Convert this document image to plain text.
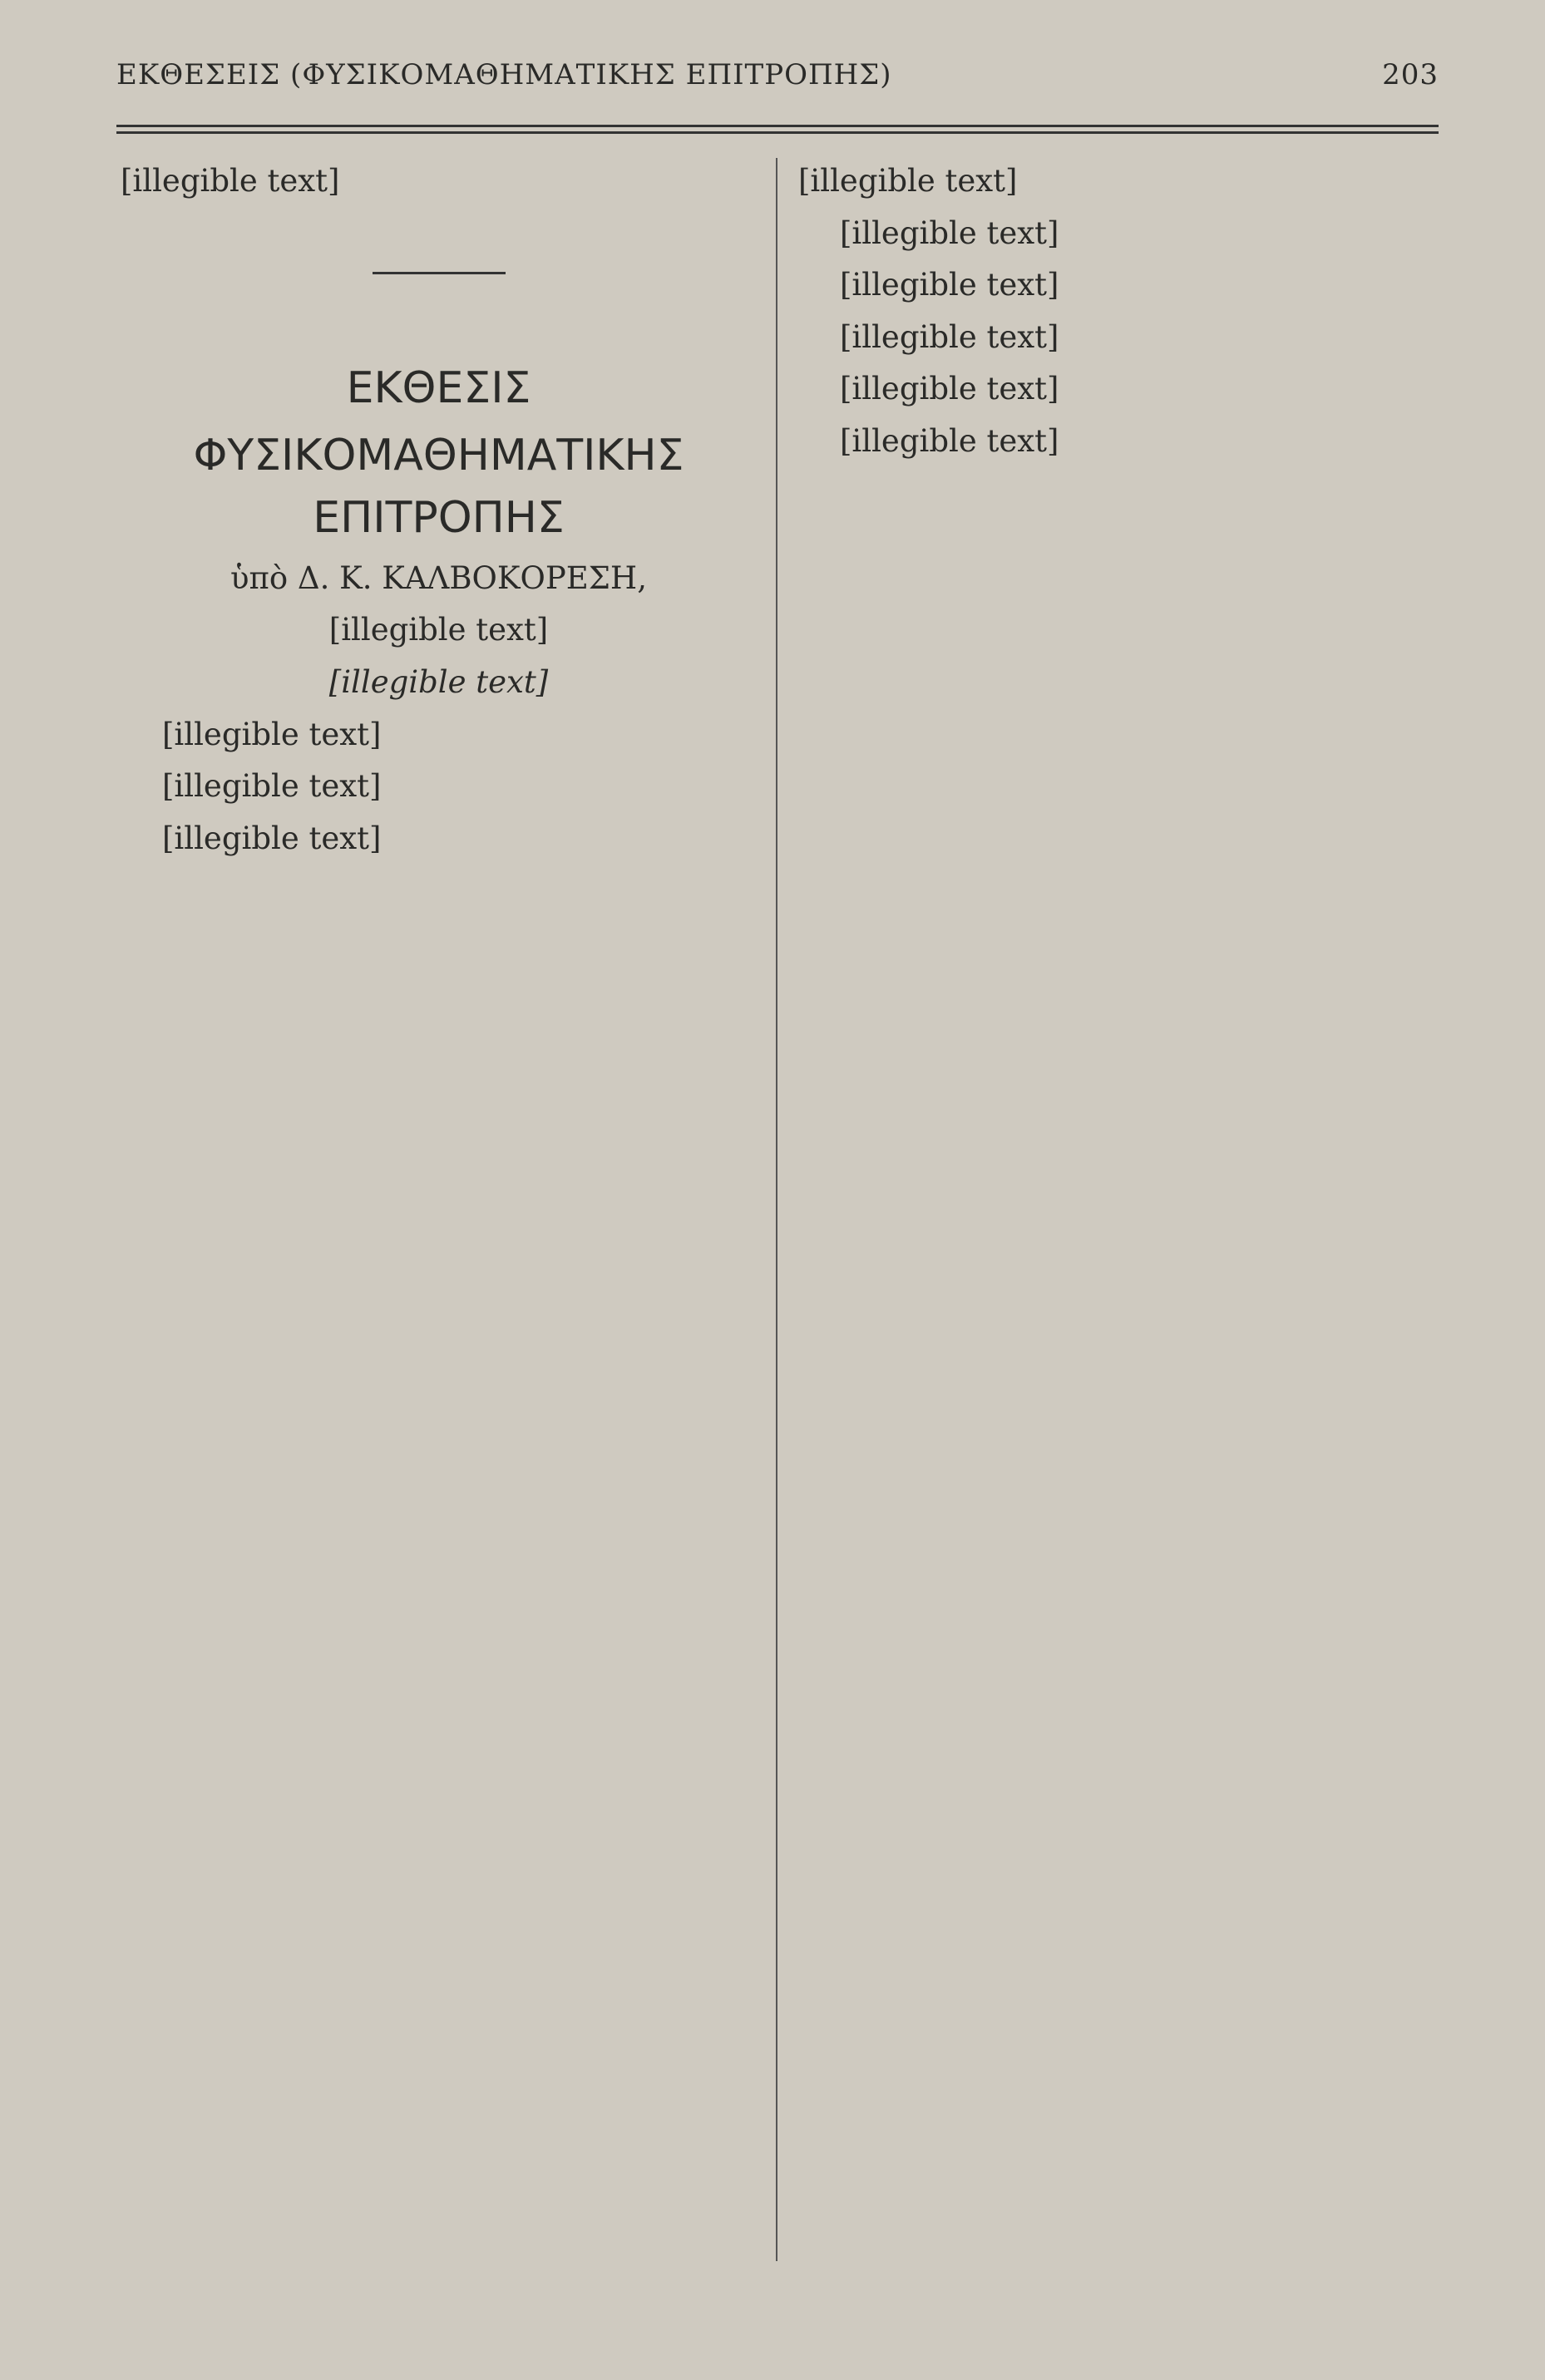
ΕΚΘΕΣΕΙΣ (ΦΥΣΙΚΟΜΑΘΗΜΑΤΙΚΗΣ ΕΠΙΤΡΟΠΗΣ)	203

[illegible text]

ΕΚΘΕΣΙΣ

ΦΥΣΙΚΟΜΑΘΗΜΑΤΙΚΗΣ ΕΠΙΤΡΟΠΗΣ

ὑπὸ Δ. Κ. ΚΑΛΒΟΚΟΡΕΣΗ,

[illegible text]

[illegible text]

[illegible text]

[illegible text]

[illegible text]

[illegible text]

[illegible text]

[illegible text]

[illegible text]

[illegible text]

[illegible text]
